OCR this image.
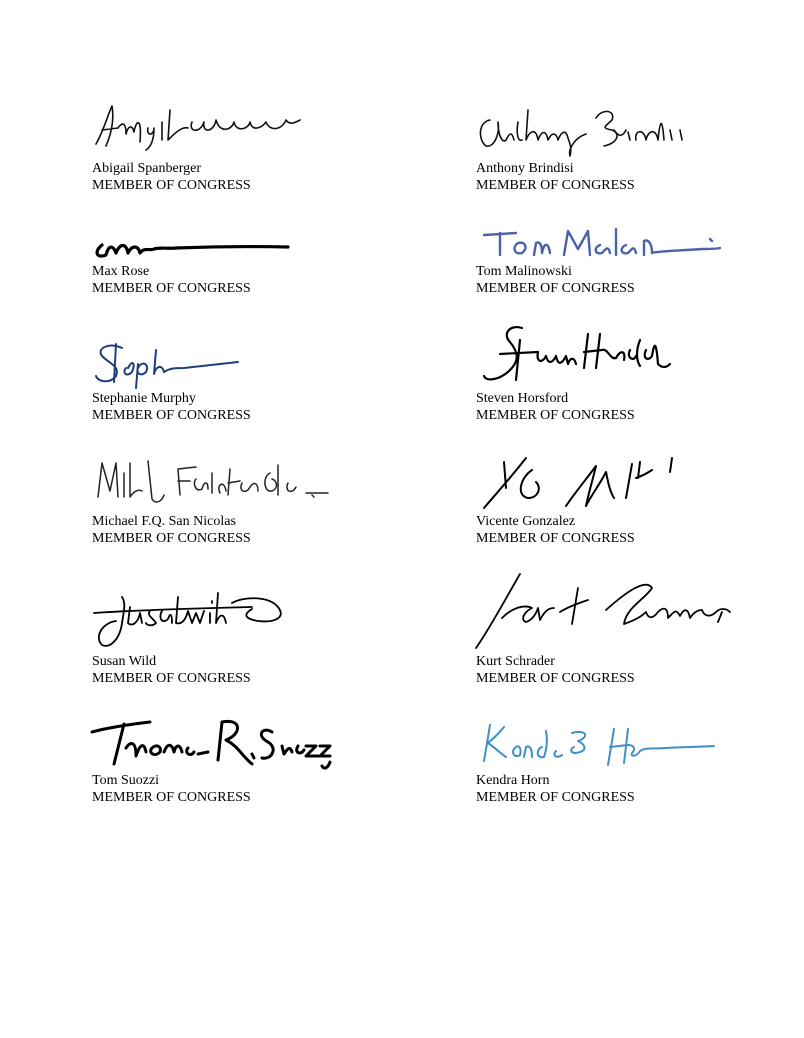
Abigail Spanberger
MEMBER OF CONGRESS
Anthony Brindisi
MEMBER OF CONGRESS
Max Rose
MEMBER OF CONGRESS
Tom Malinowski
MEMBER OF CONGRESS
Stephanie Murphy
MEMBER OF CONGRESS
Steven Horsford
MEMBER OF CONGRESS
Michael F.Q. San Nicolas
MEMBER OF CONGRESS
Vicente Gonzalez
MEMBER OF CONGRESS
Susan Wild
MEMBER OF CONGRESS
Kurt Schrader
MEMBER OF CONGRESS
Tom Suozzi
MEMBER OF CONGRESS
Kendra Horn
MEMBER OF CONGRESS
